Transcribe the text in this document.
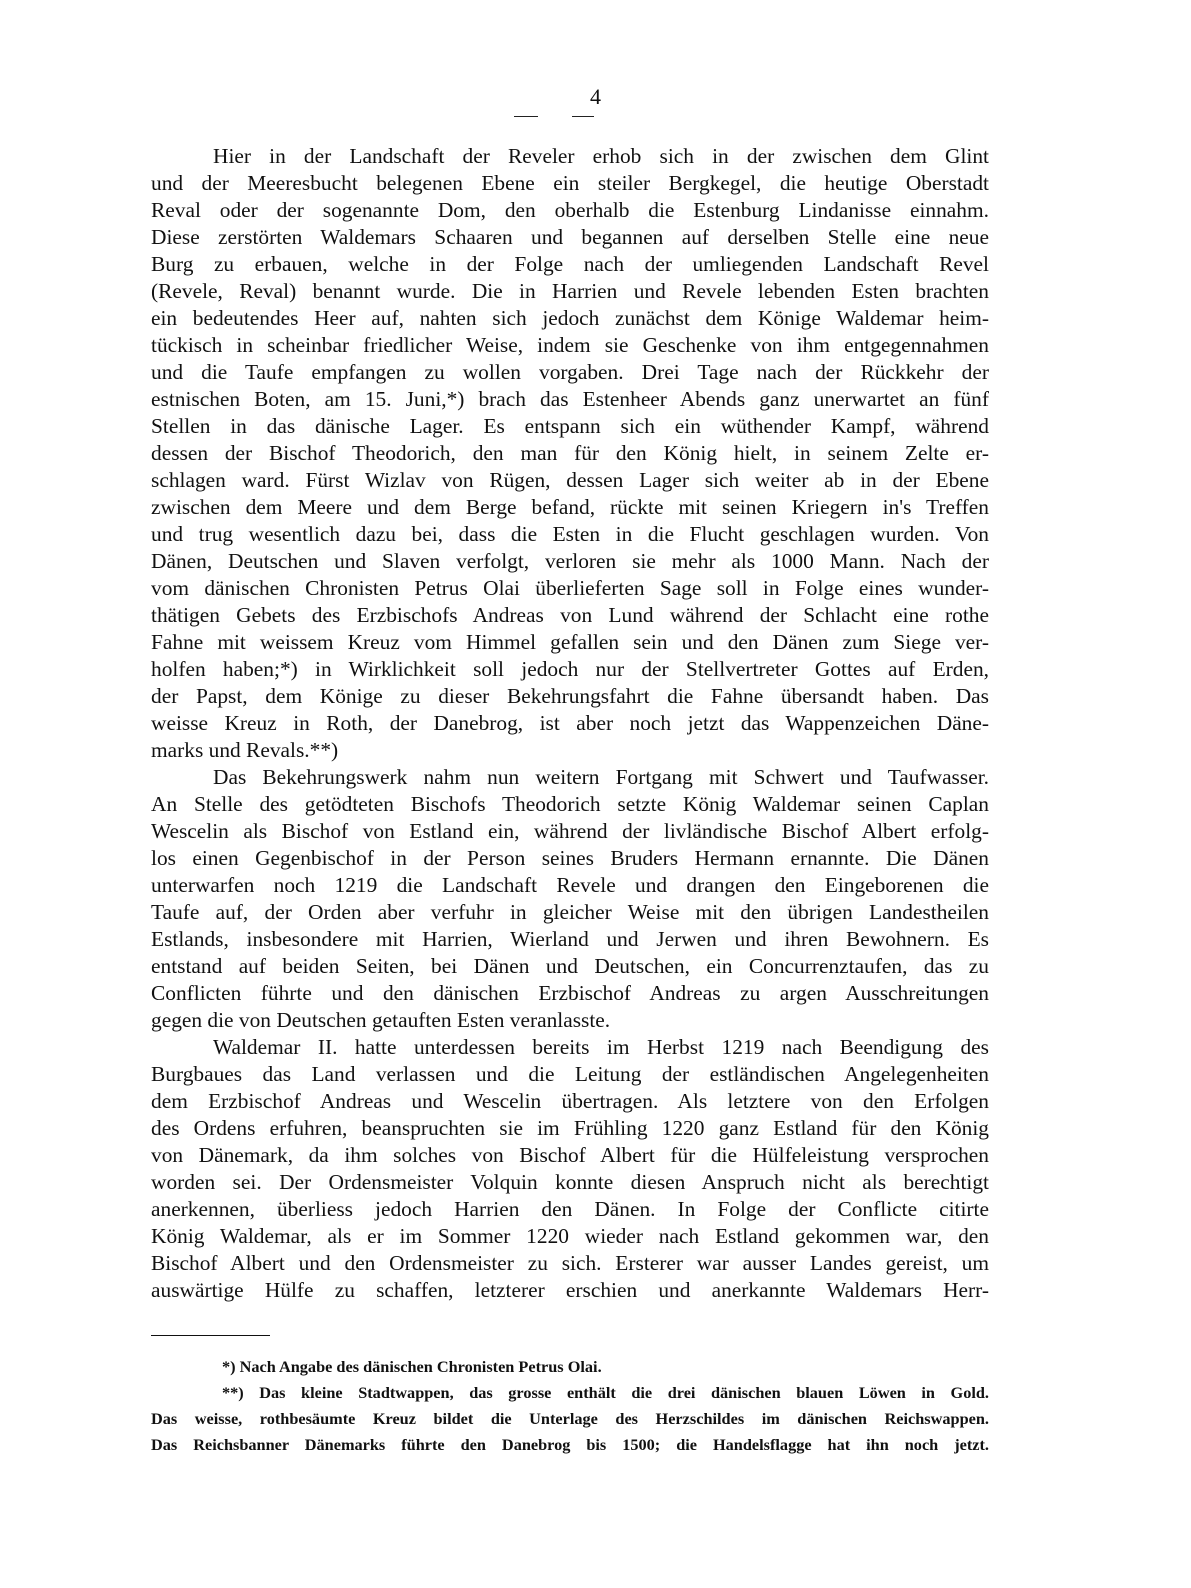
4
Hier in der Landschaft der Reveler erhob sich in der zwischen dem Glint
und der Meeresbucht belegenen Ebene ein steiler Bergkegel, die heutige Oberstadt
Reval oder der sogenannte Dom, den oberhalb die Estenburg Lindanisse einnahm.
Diese zerstörten Waldemars Schaaren und begannen auf derselben Stelle eine neue
Burg zu erbauen, welche in der Folge nach der umliegenden Landschaft Revel
(Revele, Reval) benannt wurde. Die in Harrien und Revele lebenden Esten brachten
ein bedeutendes Heer auf, nahten sich jedoch zunächst dem Könige Waldemar heim-
tückisch in scheinbar friedlicher Weise, indem sie Geschenke von ihm entgegennahmen
und die Taufe empfangen zu wollen vorgaben. Drei Tage nach der Rückkehr der
estnischen Boten, am 15. Juni,*) brach das Estenheer Abends ganz unerwartet an fünf
Stellen in das dänische Lager. Es entspann sich ein wüthender Kampf, während
dessen der Bischof Theodorich, den man für den König hielt, in seinem Zelte er-
schlagen ward. Fürst Wizlav von Rügen, dessen Lager sich weiter ab in der Ebene
zwischen dem Meere und dem Berge befand, rückte mit seinen Kriegern in's Treffen
und trug wesentlich dazu bei, dass die Esten in die Flucht geschlagen wurden. Von
Dänen, Deutschen und Slaven verfolgt, verloren sie mehr als 1000 Mann. Nach der
vom dänischen Chronisten Petrus Olai überlieferten Sage soll in Folge eines wunder-
thätigen Gebets des Erzbischofs Andreas von Lund während der Schlacht eine rothe
Fahne mit weissem Kreuz vom Himmel gefallen sein und den Dänen zum Siege ver-
holfen haben;*) in Wirklichkeit soll jedoch nur der Stellvertreter Gottes auf Erden,
der Papst, dem Könige zu dieser Bekehrungsfahrt die Fahne übersandt haben. Das
weisse Kreuz in Roth, der Danebrog, ist aber noch jetzt das Wappenzeichen Däne-
marks und Revals.**)
Das Bekehrungswerk nahm nun weitern Fortgang mit Schwert und Taufwasser.
An Stelle des getödteten Bischofs Theodorich setzte König Waldemar seinen Caplan
Wescelin als Bischof von Estland ein, während der livländische Bischof Albert erfolg-
los einen Gegenbischof in der Person seines Bruders Hermann ernannte. Die Dänen
unterwarfen noch 1219 die Landschaft Revele und drangen den Eingeborenen die
Taufe auf, der Orden aber verfuhr in gleicher Weise mit den übrigen Landestheilen
Estlands, insbesondere mit Harrien, Wierland und Jerwen und ihren Bewohnern. Es
entstand auf beiden Seiten, bei Dänen und Deutschen, ein Concurrenztaufen, das zu
Conflicten führte und den dänischen Erzbischof Andreas zu argen Ausschreitungen
gegen die von Deutschen getauften Esten veranlasste.
Waldemar II. hatte unterdessen bereits im Herbst 1219 nach Beendigung des
Burgbaues das Land verlassen und die Leitung der estländischen Angelegenheiten
dem Erzbischof Andreas und Wescelin übertragen. Als letztere von den Erfolgen
des Ordens erfuhren, beanspruchten sie im Frühling 1220 ganz Estland für den König
von Dänemark, da ihm solches von Bischof Albert für die Hülfeleistung versprochen
worden sei. Der Ordensmeister Volquin konnte diesen Anspruch nicht als berechtigt
anerkennen, überliess jedoch Harrien den Dänen. In Folge der Conflicte citirte
König Waldemar, als er im Sommer 1220 wieder nach Estland gekommen war, den
Bischof Albert und den Ordensmeister zu sich. Ersterer war ausser Landes gereist, um
auswärtige Hülfe zu schaffen, letzterer erschien und anerkannte Waldemars Herr-
*) Nach Angabe des dänischen Chronisten Petrus Olai.
**) Das kleine Stadtwappen, das grosse enthält die drei dänischen blauen Löwen in Gold.
Das weisse, rothbesäumte Kreuz bildet die Unterlage des Herzschildes im dänischen Reichswappen.
Das Reichsbanner Dänemarks führte den Danebrog bis 1500; die Handelsflagge hat ihn noch jetzt.
